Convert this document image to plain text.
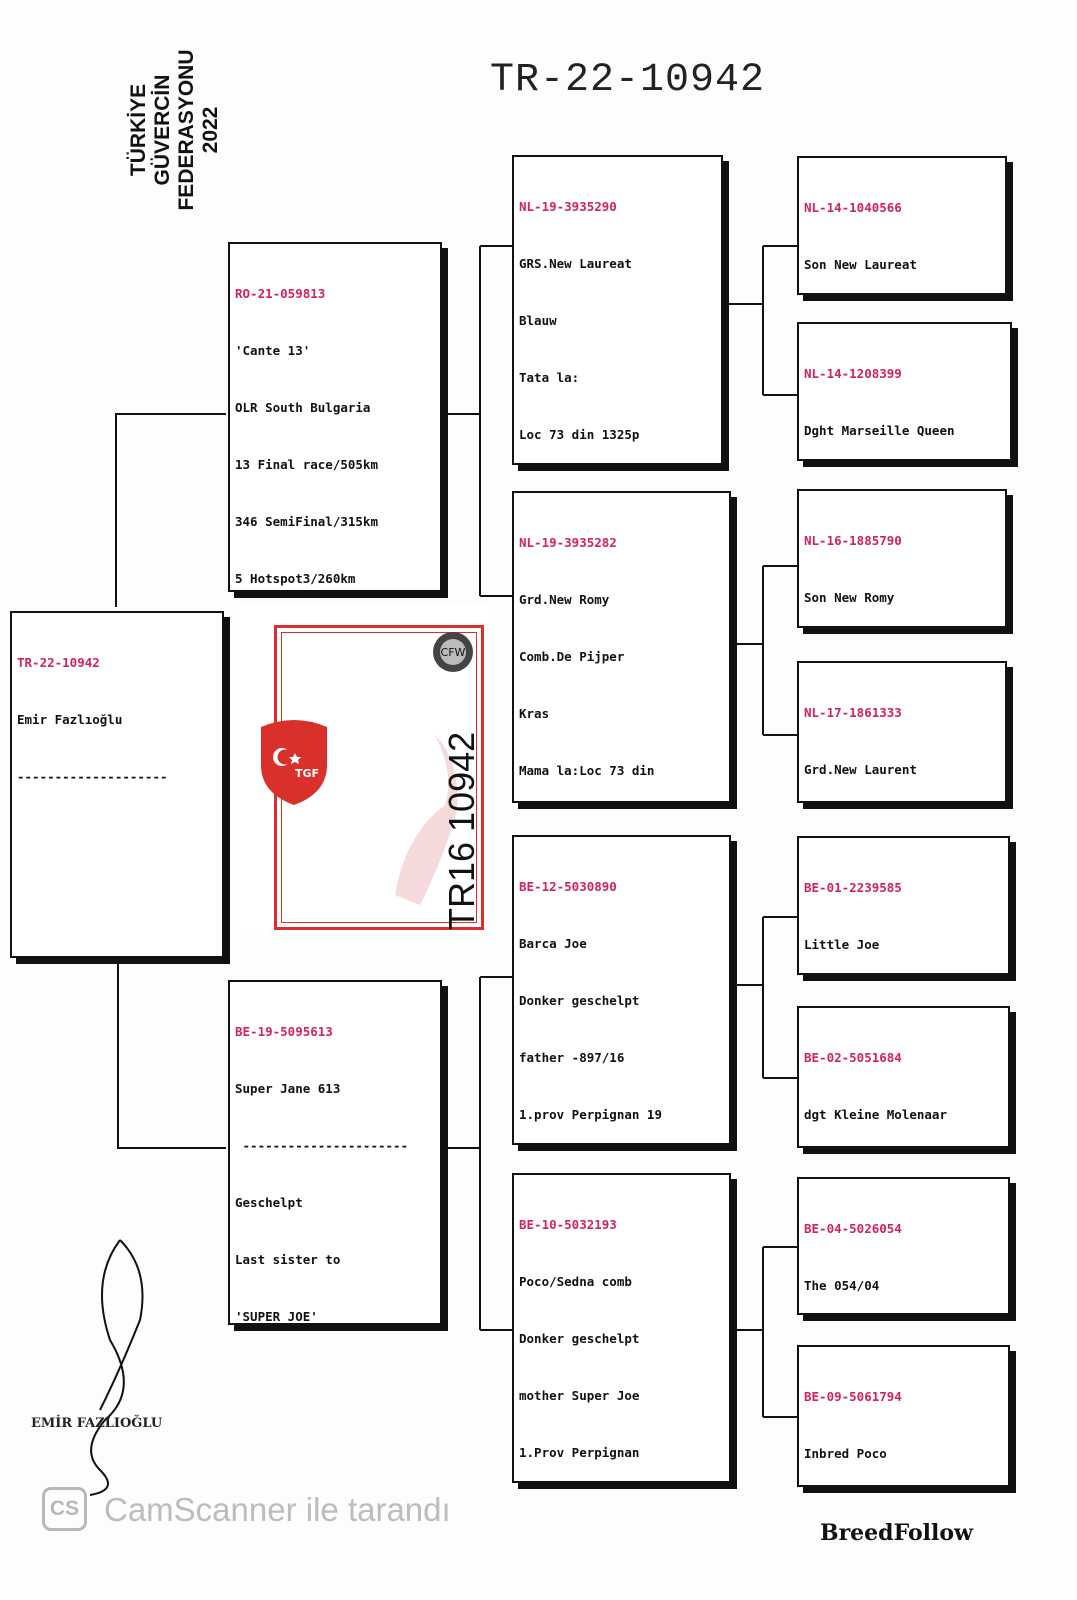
TR-22-10942

TR-22-10942

Emir Fazlıoğlu

--------------------

RO-21-059813

'Cante 13'

OLR South Bulgaria

13 Final race/505km

346 SemiFinal/315km

5 Hotspot3/260km

BE-19-5095613

Super Jane 613

----------------------

Geschelpt

Last sister to

'SUPER JOE'

NL-19-3935290

GRS.New Laureat

Blauw

Tata la:

Loc 73 din 1325p

NL-19-3935282

Grd.New Romy

Comb.De Pijper

Kras

Mama la:Loc 73 din

BE-12-5030890

Barca Joe

Donker geschelpt

father -897/16

1.prov Perpignan 19

BE-10-5032193

Poco/Sedna comb

Donker geschelpt

mother Super Joe

1.Prov Perpignan

NL-14-1040566

Son New Laureat

NL-14-1208399

Dght Marseille Queen

NL-16-1885790

Son New Romy

NL-17-1861333

Grd.New Laurent

BE-01-2239585

Little Joe

BE-02-5051684

dgt Kleine Molenaar

BE-04-5026054

The 054/04

BE-09-5061794

Inbred Poco

CFW
TGF
TÜRKİYE GÜVERCİN FEDERASYONU 2022
TR16 10942
EMİR FAZLIOĞLU
CS CamScanner ile tarandı
BreedFollow
